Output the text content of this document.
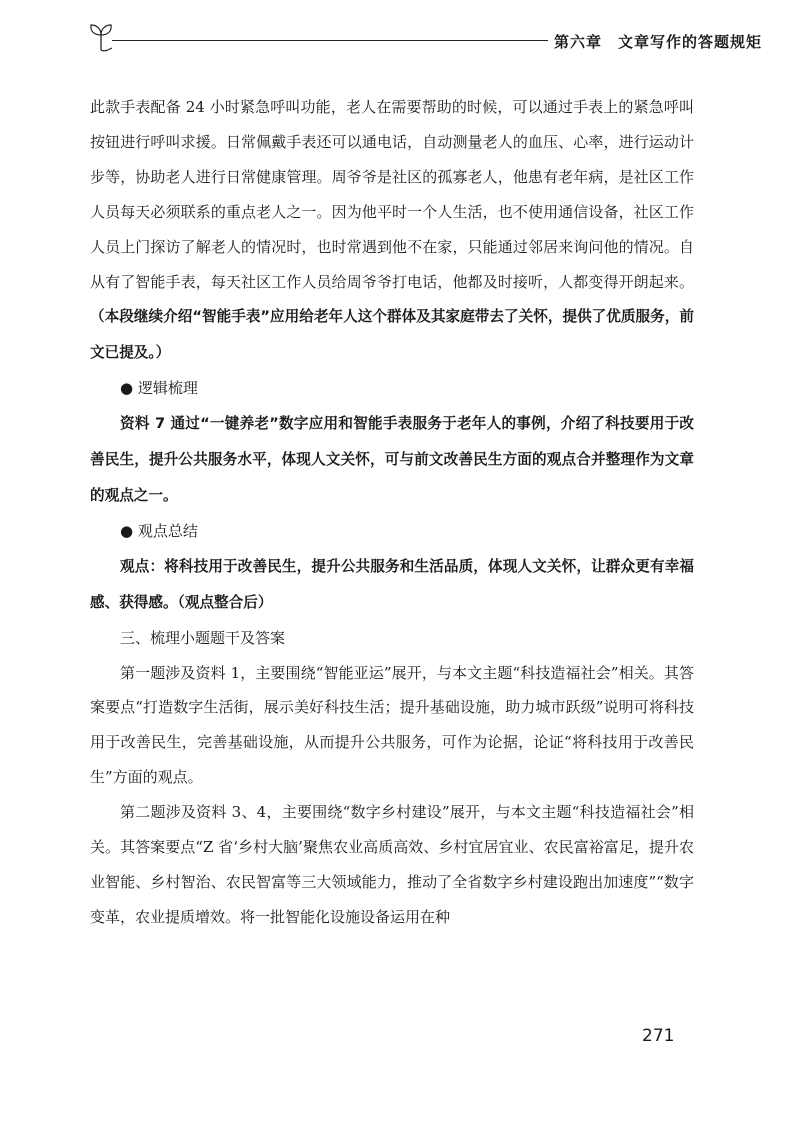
第六章　文章写作的答题规矩

此款手表配备 24 小时紧急呼叫功能，老人在需要帮助的时候，可以通过手表上的紧急呼叫按钮进行呼叫求援。日常佩戴手表还可以通电话，自动测量老人的血压、心率，进行运动计步等，协助老人进行日常健康管理。周爷爷是社区的孤寡老人，他患有老年病，是社区工作人员每天必须联系的重点老人之一。因为他平时一个人生活，也不使用通信设备，社区工作人员上门探访了解老人的情况时，也时常遇到他不在家，只能通过邻居来询问他的情况。自从有了智能手表，每天社区工作人员给周爷爷打电话，他都及时接听，人都变得开朗起来。（本段继续介绍“智能手表”应用给老年人这个群体及其家庭带去了关怀，提供了优质服务，前文已提及。）

● 逻辑梳理

资料 7 通过“一键养老”数字应用和智能手表服务于老年人的事例，介绍了科技要用于改善民生，提升公共服务水平，体现人文关怀，可与前文改善民生方面的观点合并整理作为文章的观点之一。

● 观点总结

观点：将科技用于改善民生，提升公共服务和生活品质，体现人文关怀，让群众更有幸福感、获得感。（观点整合后）

三、梳理小题题干及答案

第一题涉及资料 1，主要围绕“智能亚运”展开，与本文主题“科技造福社会”相关。其答案要点“打造数字生活街，展示美好科技生活；提升基础设施，助力城市跃级”说明可将科技用于改善民生，完善基础设施，从而提升公共服务，可作为论据，论证“将科技用于改善民生”方面的观点。

第二题涉及资料 3、4，主要围绕“数字乡村建设”展开，与本文主题“科技造福社会”相关。其答案要点“Z 省‘乡村大脑’聚焦农业高质高效、乡村宜居宜业、农民富裕富足，提升农业智能、乡村智治、农民智富等三大领域能力，推动了全省数字乡村建设跑出加速度”“数字变革，农业提质增效。将一批智能化设施设备运用在种

271
